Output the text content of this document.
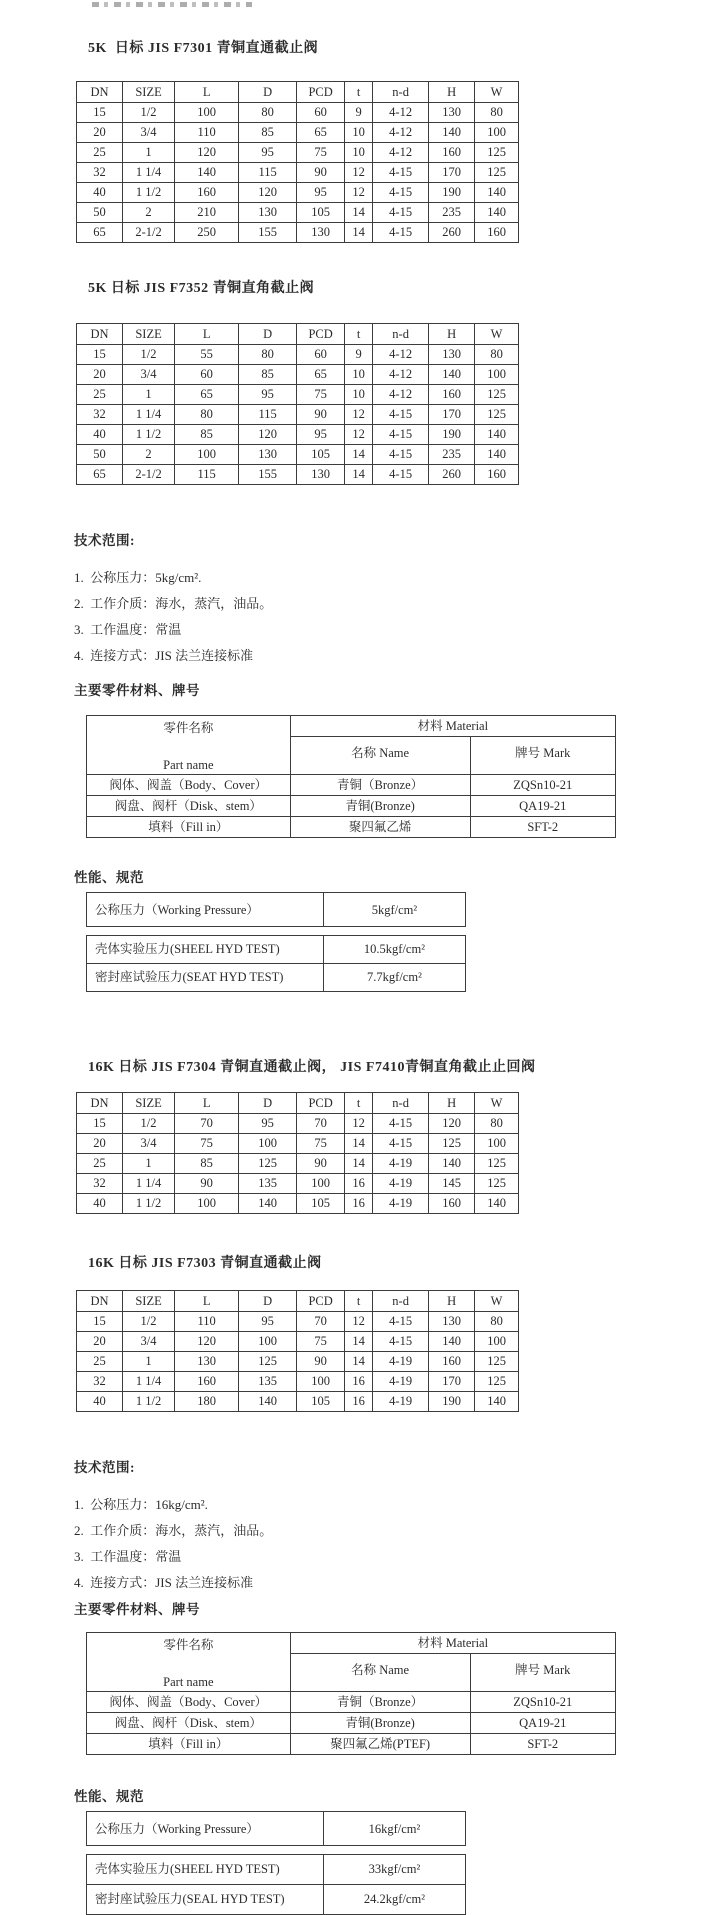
5K  日标 JIS F7301 青铜直通截止阀
DN	SIZE	L	D	PCD	t	n-d	H	W
15	1/2	100	80	60	9	4-12	130	80
20	3/4	110	85	65	10	4-12	140	100
25	1	120	95	75	10	4-12	160	125
32	1 1/4	140	115	90	12	4-15	170	125
40	1 1/2	160	120	95	12	4-15	190	140
50	2	210	130	105	14	4-15	235	140
65	2-1/2	250	155	130	14	4-15	260	160
5K 日标 JIS F7352 青铜直角截止阀
DN	SIZE	L	D	PCD	t	n-d	H	W
15	1/2	55	80	60	9	4-12	130	80
20	3/4	60	85	65	10	4-12	140	100
25	1	65	95	75	10	4-12	160	125
32	1 1/4	80	115	90	12	4-15	170	125
40	1 1/2	85	120	95	12	4-15	190	140
50	2	100	130	105	14	4-15	235	140
65	2-1/2	115	155	130	14	4-15	260	160
技术范围:
1.  公称压力：5kg/cm².
2.  工作介质：海水，蒸汽，油品。
3.  工作温度：常温
4.  连接方式：JIS 法兰连接标准
主要零件材料、牌号
零件名称
Part name	材料 Material	
	名称 Name	牌号 Mark
阀体、阀盖（Body、Cover）	青铜（Bronze）	ZQSn10-21
阀盘、阀杆（Disk、stem）	青铜(Bronze)	QA19-21
填料（Fill in）	聚四氟乙烯	SFT-2
性能、规范
公称压力（Working Pressure）	5kgf/cm²
壳体实验压力(SHEEL HYD TEST)	10.5kgf/cm²
密封座试验压力(SEAT HYD TEST)	7.7kgf/cm²
16K 日标 JIS F7304 青铜直通截止阀， JIS F7410青铜直角截止止回阀
DN	SIZE	L	D	PCD	t	n-d	H	W
15	1/2	70	95	70	12	4-15	120	80
20	3/4	75	100	75	14	4-15	125	100
25	1	85	125	90	14	4-19	140	125
32	1 1/4	90	135	100	16	4-19	145	125
40	1 1/2	100	140	105	16	4-19	160	140
16K 日标 JIS F7303 青铜直通截止阀
DN	SIZE	L	D	PCD	t	n-d	H	W
15	1/2	110	95	70	12	4-15	130	80
20	3/4	120	100	75	14	4-15	140	100
25	1	130	125	90	14	4-19	160	125
32	1 1/4	160	135	100	16	4-19	170	125
40	1 1/2	180	140	105	16	4-19	190	140
技术范围:
1.  公称压力：16kg/cm².
2.  工作介质：海水，蒸汽，油品。
3.  工作温度：常温
4.  连接方式：JIS 法兰连接标准
主要零件材料、牌号
零件名称
Part name	材料 Material	
	名称 Name	牌号 Mark
阀体、阀盖（Body、Cover）	青铜（Bronze）	ZQSn10-21
阀盘、阀杆（Disk、stem）	青铜(Bronze)	QA19-21
填料（Fill in）	聚四氟乙烯(PTEF)	SFT-2
性能、规范
公称压力（Working Pressure）	16kgf/cm²
壳体实验压力(SHEEL HYD TEST)	33kgf/cm²
密封座试验压力(SEAL HYD TEST)	24.2kgf/cm²
